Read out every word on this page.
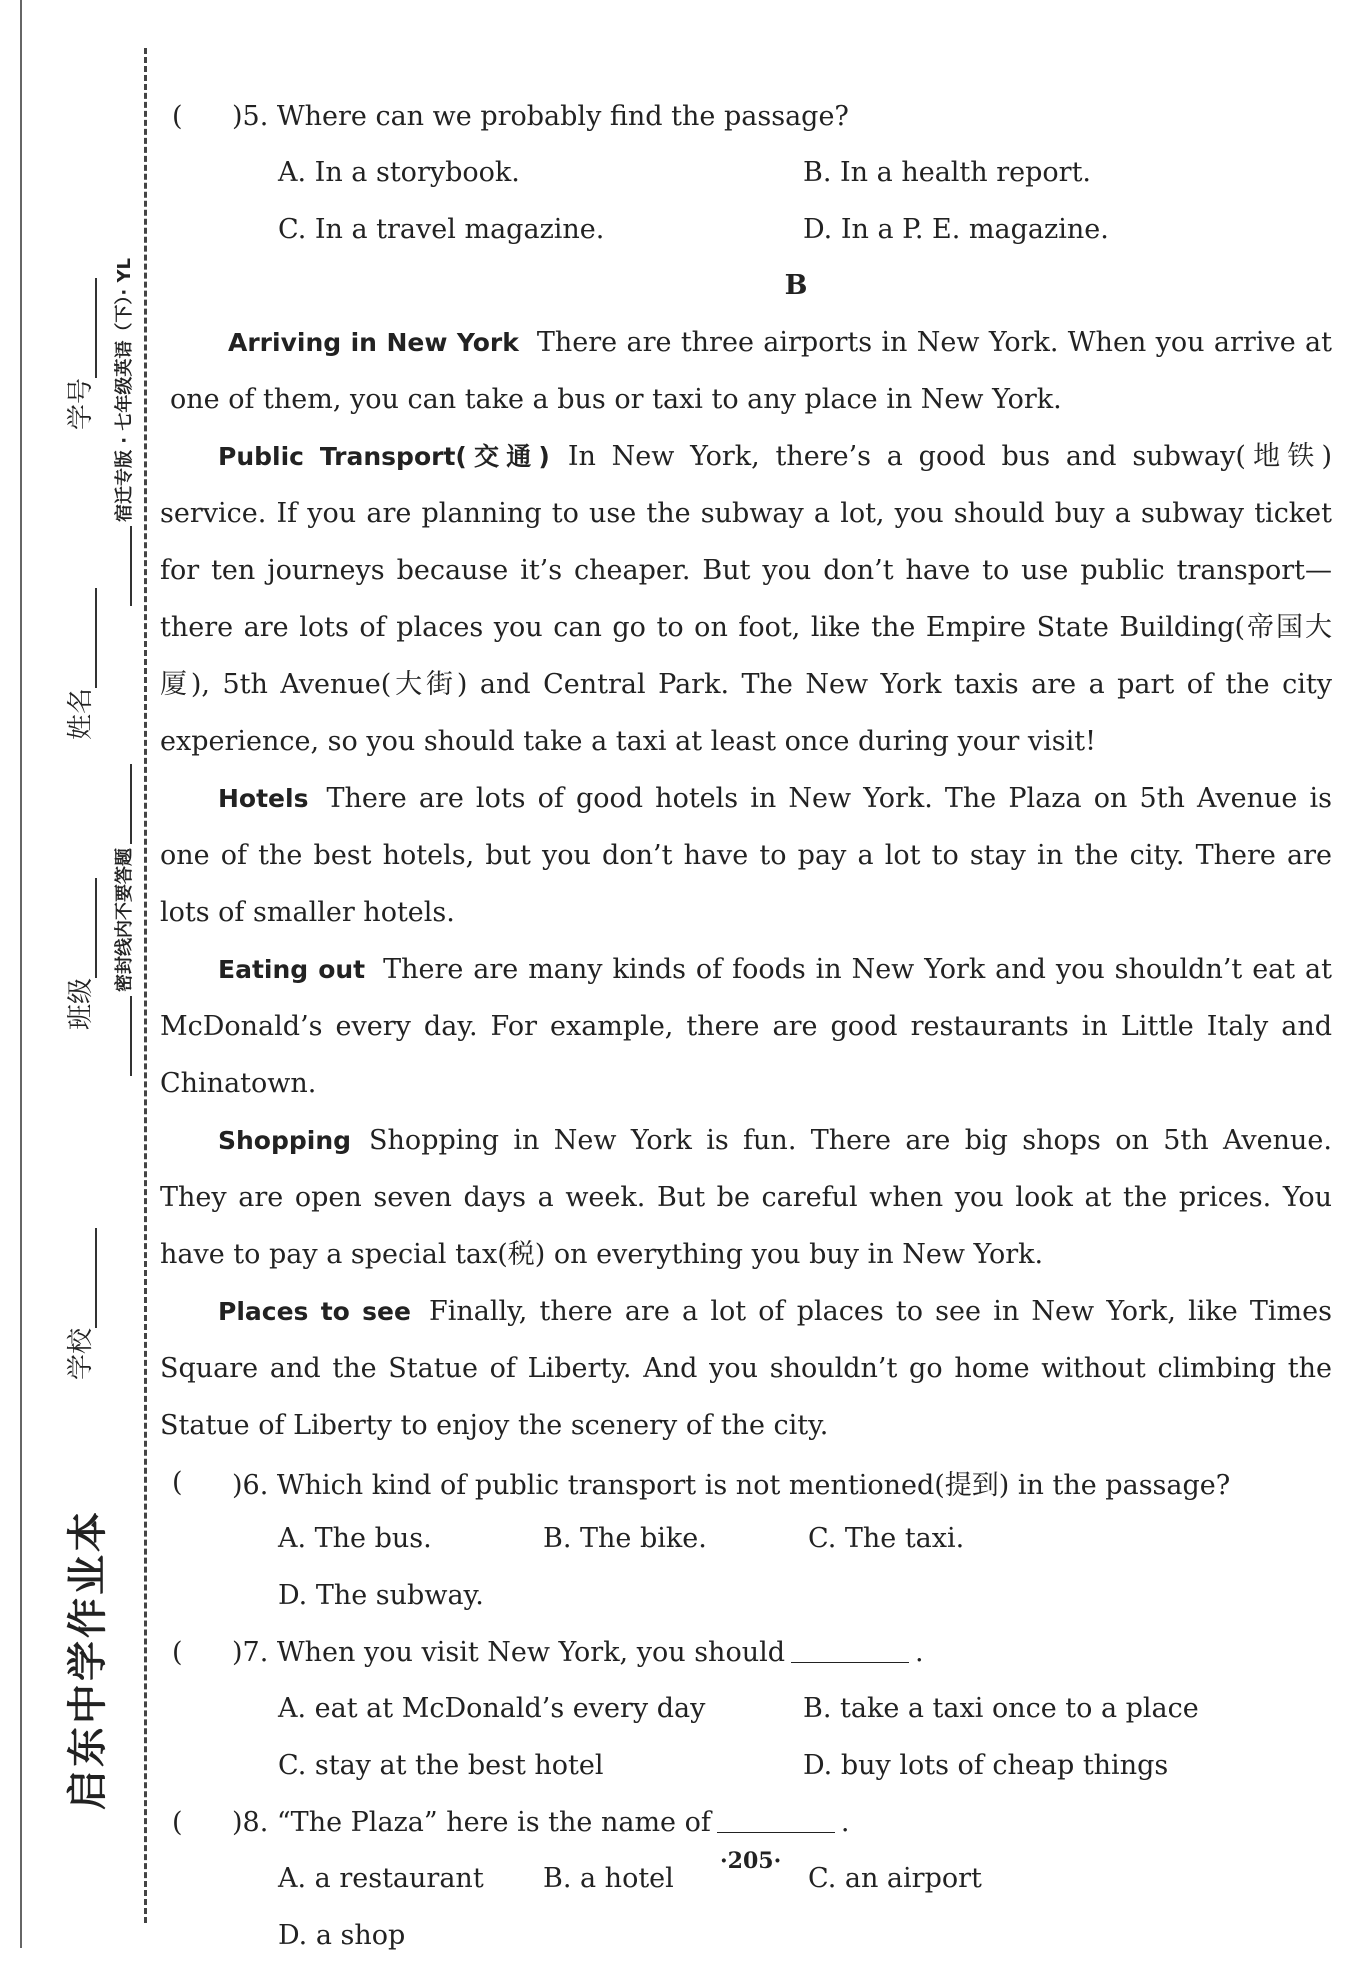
启东中学作业本
学校
班级
姓名
学号
密封线内不要答题
宿迁专版 · 七年级英语（下）· YL
(	)5. Where can we probably find the passage?
A. In a storybook.	B. In a health report.
C. In a travel magazine.	D. In a P. E. magazine.
B

Arriving in New York There are three airports in New York. When you arrive at one of them, you can take a bus or taxi to any place in New York.

Public Transport(交通) In New York, there’s a good bus and subway(地铁) service. If you are planning to use the subway a lot, you should buy a subway ticket for ten journeys because it’s cheaper. But you don’t have to use public transport—there are lots of places you can go to on foot, like the Empire State Building(帝国大厦), 5th Avenue(大街) and Central Park. The New York taxis are a part of the city experience, so you should take a taxi at least once during your visit!

Hotels There are lots of good hotels in New York. The Plaza on 5th Avenue is one of the best hotels, but you don’t have to pay a lot to stay in the city. There are lots of smaller hotels.

Eating out There are many kinds of foods in New York and you shouldn’t eat at McDonald’s every day. For example, there are good restaurants in Little Italy and Chinatown.

Shopping Shopping in New York is fun. There are big shops on 5th Avenue. They are open seven days a week. But be careful when you look at the prices. You have to pay a special tax(税) on everything you buy in New York.

Places to see Finally, there are a lot of places to see in New York, like Times Square and the Statue of Liberty. And you shouldn’t go home without climbing the Statue of Liberty to enjoy the scenery of the city.

(	)6. Which kind of public transport is not mentioned(提到) in the passage?
A. The bus.	B. The bike.	C. The taxi.
D. The subway.
(	)7. When you visit New York, you should	.
A. eat at McDonald’s every day	B. take a taxi once to a place
C. stay at the best hotel	D. buy lots of cheap things
(	)8. “The Plaza” here is the name of	.
A. a restaurant	B. a hotel	C. an airport
D. a shop
·205·
